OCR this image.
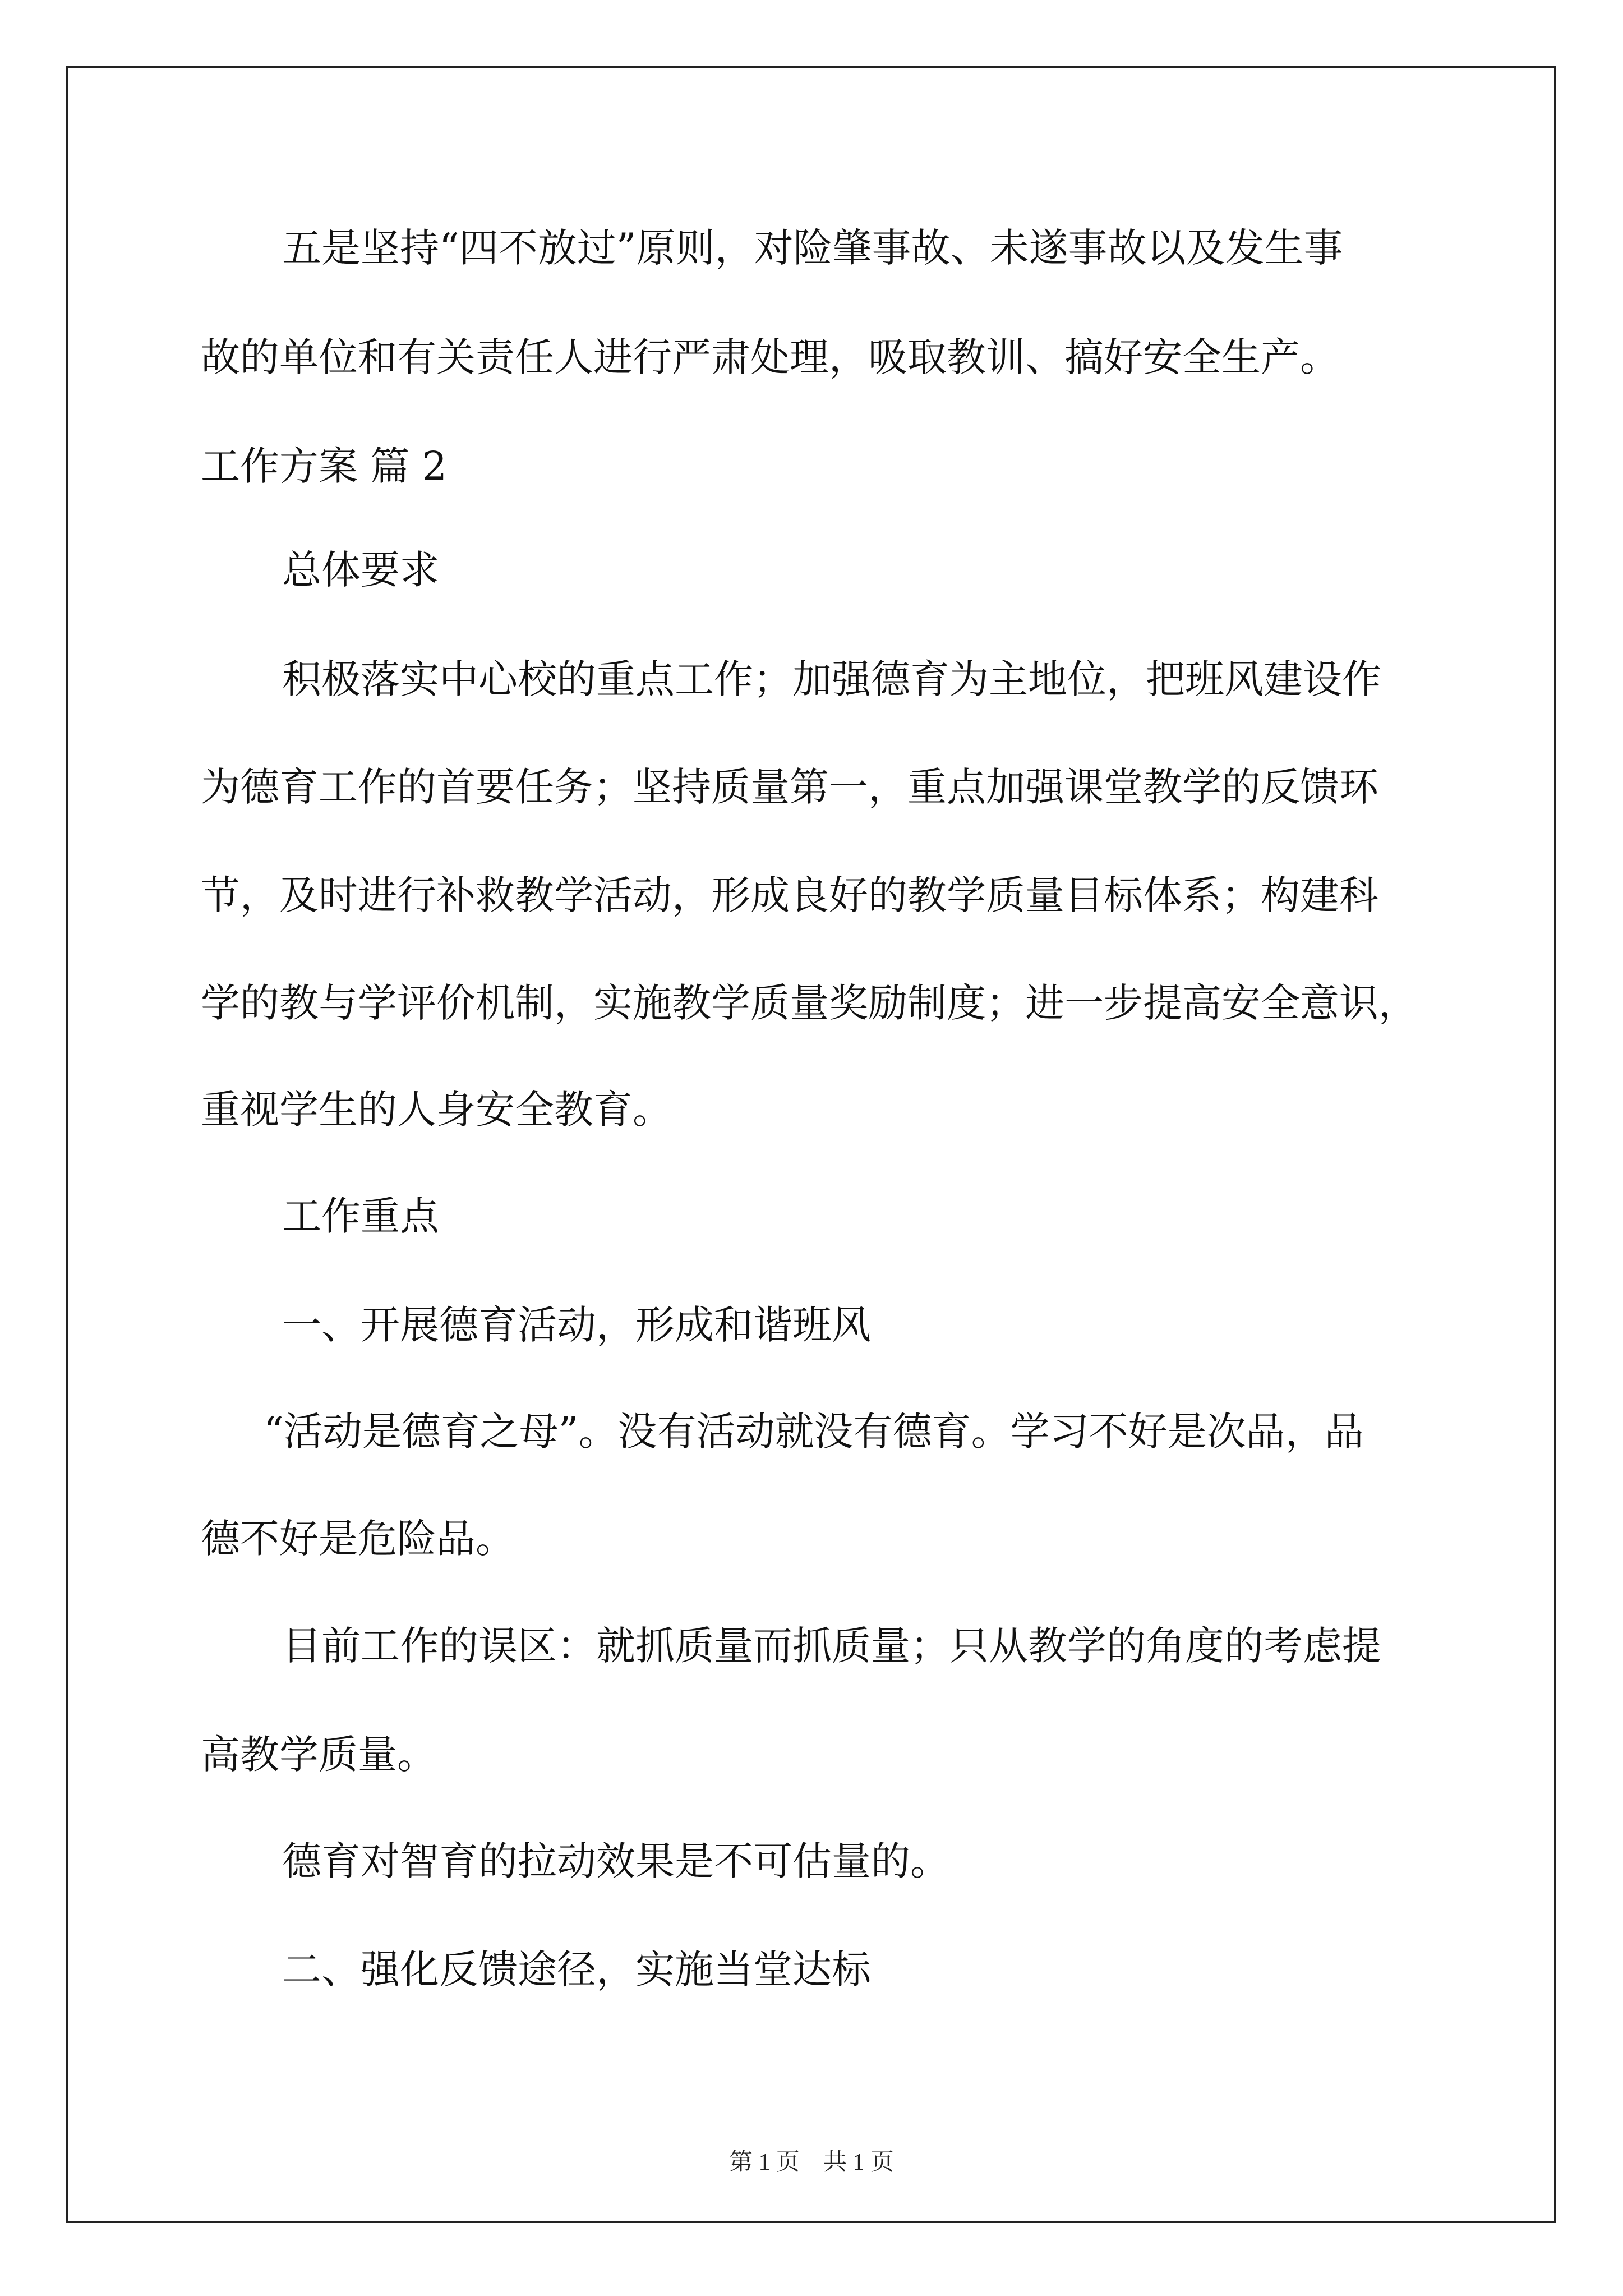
五是坚持“四不放过”原则，对险肇事故、未遂事故以及发生事
故的单位和有关责任人进行严肃处理，吸取教训、搞好安全生产。
工作方案 篇 2
总体要求
积极落实中心校的重点工作；加强德育为主地位，把班风建设作
为德育工作的首要任务；坚持质量第一，重点加强课堂教学的反馈环
节，及时进行补救教学活动，形成良好的教学质量目标体系；构建科
学的教与学评价机制，实施教学质量奖励制度；进一步提高安全意识，
重视学生的人身安全教育。
工作重点
一、开展德育活动，形成和谐班风
“活动是德育之母”。没有活动就没有德育。学习不好是次品，品
德不好是危险品。
目前工作的误区：就抓质量而抓质量；只从教学的角度的考虑提
高教学质量。
德育对智育的拉动效果是不可估量的。
二、强化反馈途径，实施当堂达标
第 1 页　共 1 页
